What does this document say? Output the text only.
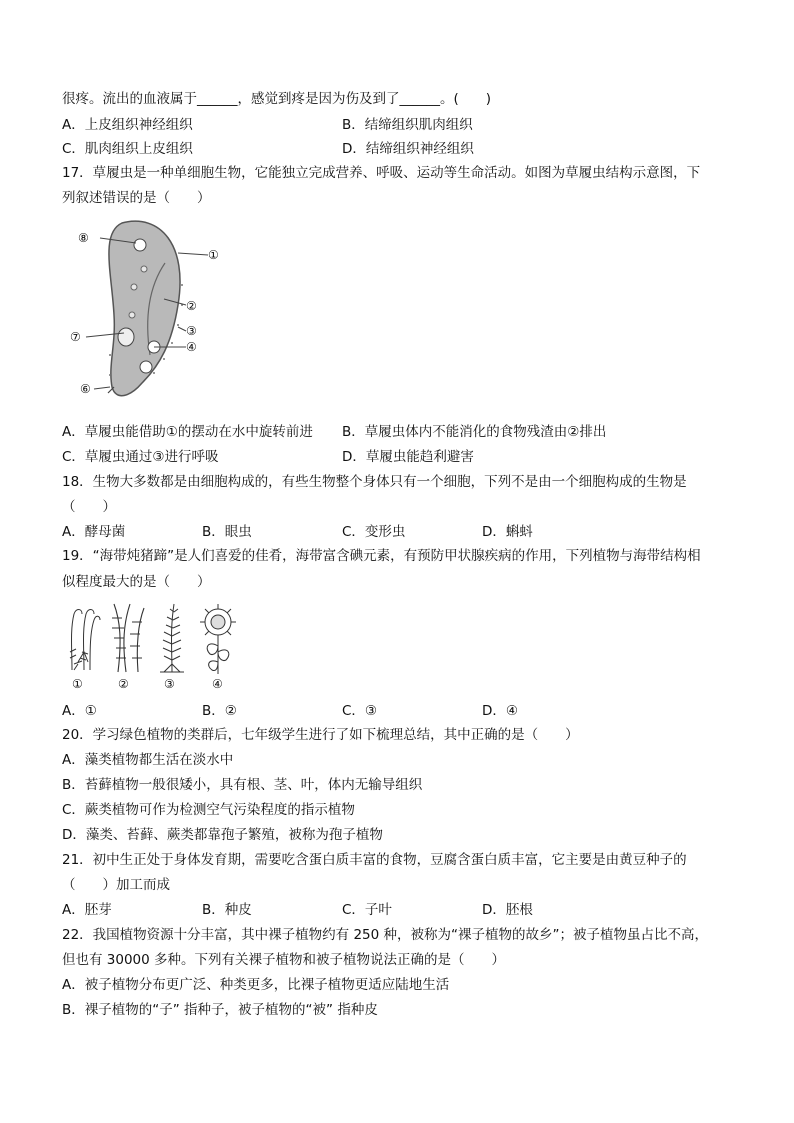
很疼。流出的血液属于______，感觉到疼是因为伤及到了______。(　　)
A．上皮组织神经组织	B．结缔组织肌肉组织
C．肌肉组织上皮组织	D．结缔组织神经组织
17．草履虫是一种单细胞生物，它能独立完成营养、呼吸、运动等生命活动。如图为草履虫结构示意图，下
列叙述错误的是（　　）
⑧
①
②
③
④
⑦
⑥
A．草履虫能借助①的摆动在水中旋转前进 B．草履虫体内不能消化的食物残渣由②排出
C．草履虫通过③进行呼吸	D．草履虫能趋利避害
18．生物大多数都是由细胞构成的，有些生物整个身体只有一个细胞，下列不是由一个细胞构成的生物是
（　　）
A．酵母菌	B．眼虫	C．变形虫	D．蝌蚪
19．“海带炖猪蹄”是人们喜爱的佳肴，海带富含碘元素，有预防甲状腺疾病的作用，下列植物与海带结构相
似程度最大的是（　　）
①	②	③	④
A．①	B．②	C．③	D．④
20．学习绿色植物的类群后，七年级学生进行了如下梳理总结，其中正确的是（　　）
A．藻类植物都生活在淡水中
B．苔藓植物一般很矮小，具有根、茎、叶，体内无输导组织
C．蕨类植物可作为检测空气污染程度的指示植物
D．藻类、苔藓、蕨类都靠孢子繁殖，被称为孢子植物
21．初中生正处于身体发育期，需要吃含蛋白质丰富的食物，豆腐含蛋白质丰富，它主要是由黄豆种子的
（　　）加工而成
A．胚芽	B．种皮	C．子叶	D．胚根
22．我国植物资源十分丰富，其中裸子植物约有 250 种，被称为“裸子植物的故乡”；被子植物虽占比不高，
但也有 30000 多种。下列有关裸子植物和被子植物说法正确的是（　　）
A．被子植物分布更广泛、种类更多，比裸子植物更适应陆地生活
B．裸子植物的“子” 指种子，被子植物的“被” 指种皮
